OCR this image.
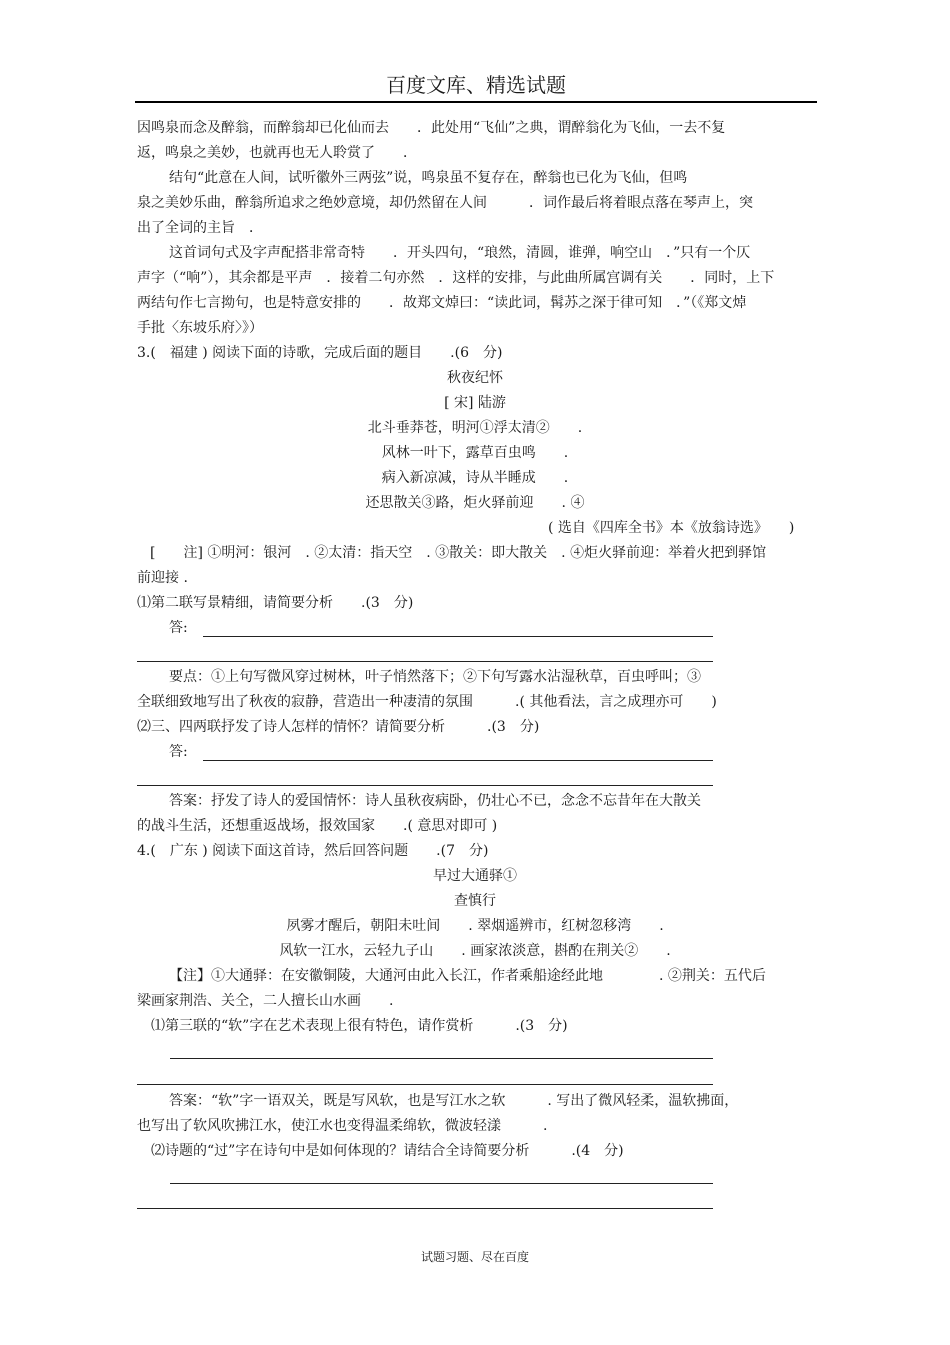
百度文库、精选试题
因鸣泉而念及醉翁，而醉翁却已化仙而去　　．此处用“飞仙”之典，谓醉翁化为飞仙，一去不复
返，鸣泉之美妙，也就再也无人聆赏了　　．
结句“此意在人间，试听徽外三两弦”说，鸣泉虽不复存在，醉翁也已化为飞仙，但鸣
泉之美妙乐曲，醉翁所追求之绝妙意境，却仍然留在人间　　　．词作最后将着眼点落在琴声上，突
出了全词的主旨　．
这首词句式及字声配搭非常奇特　　．开头四句，“琅然，清圆，谁弹，响空山　．”只有一个仄
声字（“响”），其余都是平声　．接着二句亦然　．这样的安排，与此曲所属宫调有关　　．同时，上下
两结句作七言拗句，也是特意安排的　　．故郑文焯曰：“读此词，髯苏之深于律可知　．”（《郑文焯
手批〈东坡乐府〉》）
3.(　福建 ) 阅读下面的诗歌，完成后面的题目　　.(6　分)
秋夜纪怀
[ 宋] 陆游
北斗垂莽苍，明河①浮太清②　　.
风林一叶下，露草百虫鸣　　.
病入新凉减，诗从半睡成　　.
还思散关③路，炬火驿前迎　　. ④
( 选自《四库全书》本《放翁诗选》　　)
[　　注] ①明河：银河　. ②太清：指天空　. ③散关：即大散关　. ④炬火驿前迎：举着火把到驿馆
前迎接 .
⑴第二联写景精细，请简要分析　　.(3　分)
答:
要点：①上句写微风穿过树林，叶子悄然落下；②下句写露水沾湿秋草，百虫呼叫；③
全联细致地写出了秋夜的寂静，营造出一种凄清的氛围　　　.( 其他看法，言之成理亦可　　)
⑵三、四两联抒发了诗人怎样的情怀？请简要分析　　　.(3　分)
答:
答案：抒发了诗人的爱国情怀：诗人虽秋夜病卧，仍壮心不已，念念不忘昔年在大散关
的战斗生活，还想重返战场，报效国家　　.( 意思对即可 )
4.(　广东 ) 阅读下面这首诗，然后回答问题　　.(7　分)
早过大通驿①
查慎行
夙雾才醒后，朝阳未吐间　　. 翠烟遥辨市，红树忽移湾　　.
风软一江水，云轻九子山　　. 画家浓淡意，斟酌在荆关②　　.
【注】①大通驿：在安徽铜陵，大通河由此入长江，作者乘船途经此地　　　　. ②荆关：五代后
梁画家荆浩、关仝，二人擅长山水画　　.
⑴第三联的“软”字在艺术表现上很有特色，请作赏析　　　.(3　分)
答案：“软”字一语双关，既是写风软，也是写江水之软　　　. 写出了微风轻柔，温软拂面，
也写出了软风吹拂江水，使江水也变得温柔绵软，微波轻漾　　　.
⑵诗题的“过”字在诗句中是如何体现的？请结合全诗简要分析　　　.(4　分)
试题习题、尽在百度
